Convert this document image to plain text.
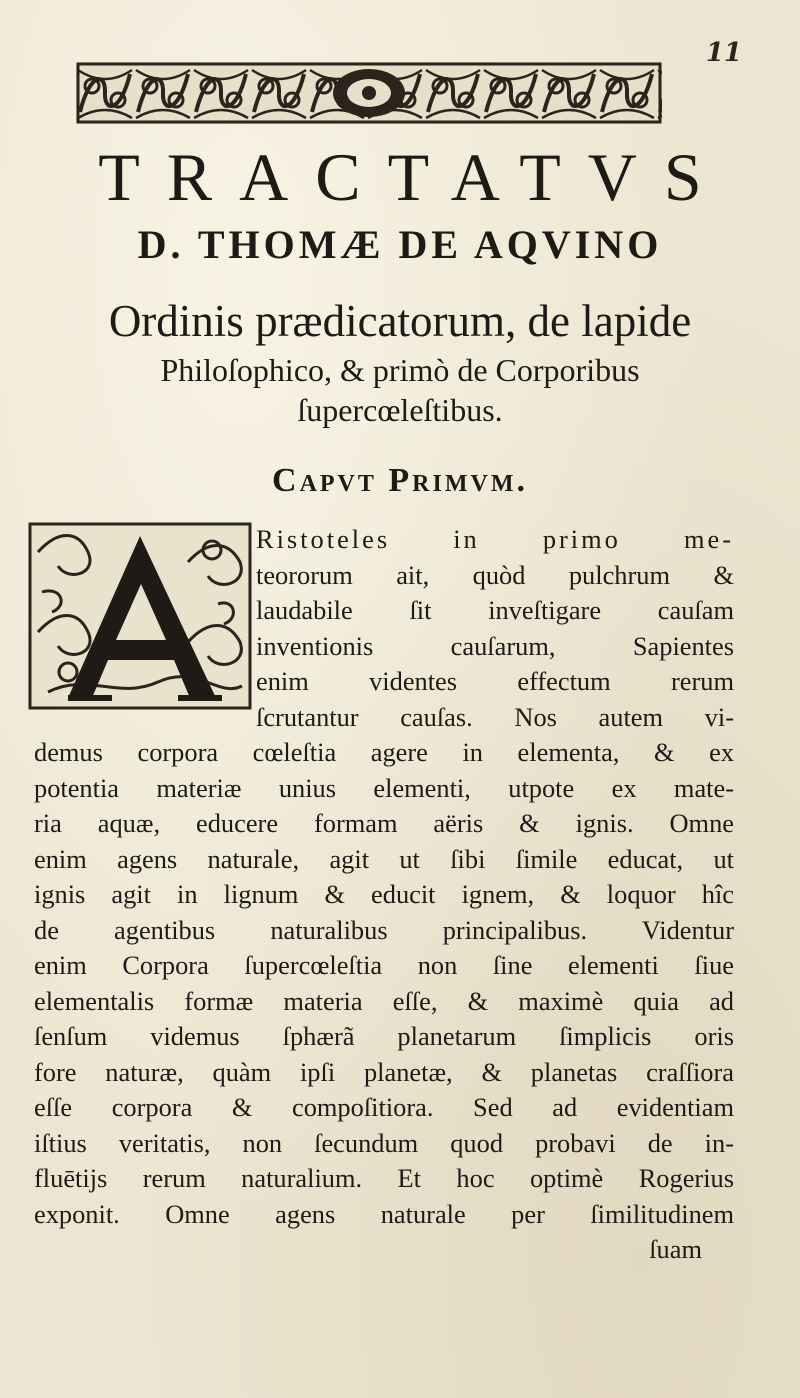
11
TRACTATVS
D. THOMÆ DE AQVINO
Ordinis prædicatorum, de lapide
Philoſophico, & primò de Corporibus
ſupercœleſtibus.
Capvt Primvm.
Ristoteles in primo me-
teororum ait, quòd pulchrum &
laudabile ſit inveſtigare cauſam
inventionis cauſarum, Sapientes
enim videntes effectum rerum
ſcrutantur cauſas. Nos autem vi-
demus corpora cœleſtia agere in elementa, & ex
potentia materiæ unius elementi, utpote ex mate-
ria aquæ, educere formam aëris & ignis. Omne
enim agens naturale, agit ut ſibi ſimile educat, ut
ignis agit in lignum & educit ignem, & loquor hîc
de agentibus naturalibus principalibus. Videntur
enim Corpora ſupercœleſtia non ſine elementi ſiue
elementalis formæ materia eſſe, & maximè quia ad
ſenſum videmus ſphærã planetarum ſimplicis oris
fore naturæ, quàm ipſi planetæ, & planetas craſſiora
eſſe corpora & compoſitiora. Sed ad evidentiam
iſtius veritatis, non ſecundum quod probavi de in-
fluētijs rerum naturalium. Et hoc optimè Rogerius
exponit. Omne agens naturale per ſimilitudinem
ſuam
